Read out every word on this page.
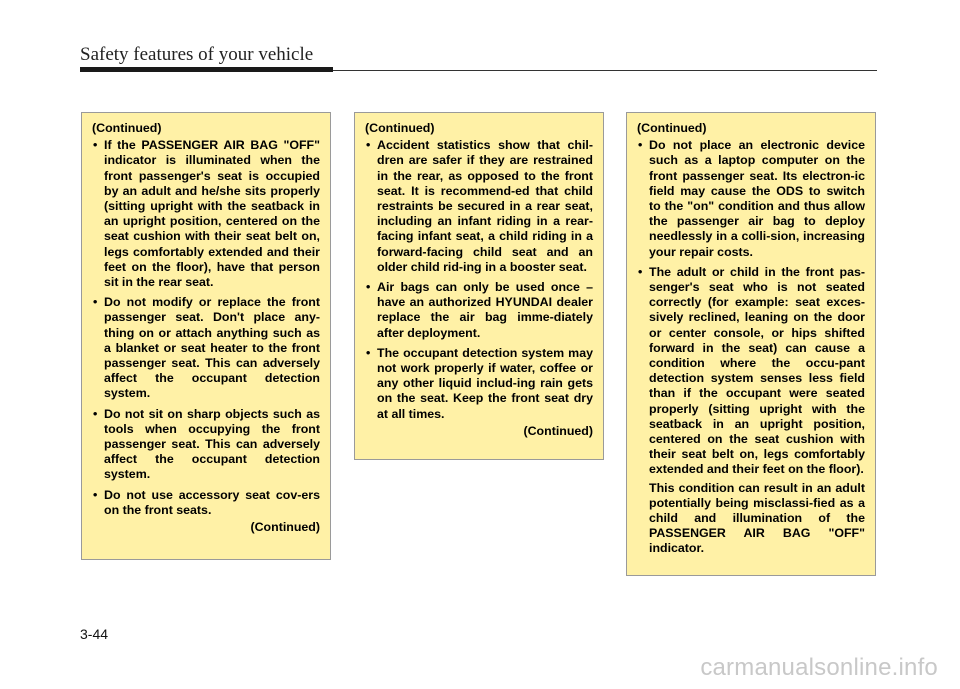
Safety features of your vehicle
(Continued)
• If the PASSENGER AIR BAG "OFF" indicator is illuminated when the front passenger's seat is occupied by an adult and he/she sits properly (sitting upright with the seatback in an upright position, centered on the seat cushion with their seat belt on, legs comfortably extended and their feet on the floor), have that person sit in the rear seat.
• Do not modify or replace the front passenger seat. Don't place any-thing on or attach anything such as a blanket or seat heater to the front passenger seat. This can adversely affect the occupant detection system.
• Do not sit on sharp objects such as tools when occupying the front passenger seat. This can adversely affect the occupant detection system.
• Do not use accessory seat cov-ers on the front seats.
(Continued)
(Continued)
• Accident statistics show that chil-dren are safer if they are restrained in the rear, as opposed to the front seat. It is recommend-ed that child restraints be secured in a rear seat, including an infant riding in a rear-facing infant seat, a child riding in a forward-facing child seat and an older child rid-ing in a booster seat.
• Air bags can only be used once – have an authorized HYUNDAI dealer replace the air bag imme-diately after deployment.
• The occupant detection system may not work properly if water, coffee or any other liquid includ-ing rain gets on the seat. Keep the front seat dry at all times.
(Continued)
(Continued)
• Do not place an electronic device such as a laptop computer on the front passenger seat. Its electron-ic field may cause the ODS to switch to the "on" condition and thus allow the passenger air bag to deploy needlessly in a colli-sion, increasing your repair costs.
• The adult or child in the front pas-senger's seat who is not seated correctly (for example: seat exces-sively reclined, leaning on the door or center console, or hips shifted forward in the seat) can cause a condition where the occu-pant detection system senses less field than if the occupant were seated properly (sitting upright with the seatback in an upright position, centered on the seat cushion with their seat belt on, legs comfortably extended and their feet on the floor).
This condition can result in an adult potentially being misclassi-fied as a child and illumination of the PASSENGER AIR BAG "OFF" indicator.
3-44
carmanualsonline.info
